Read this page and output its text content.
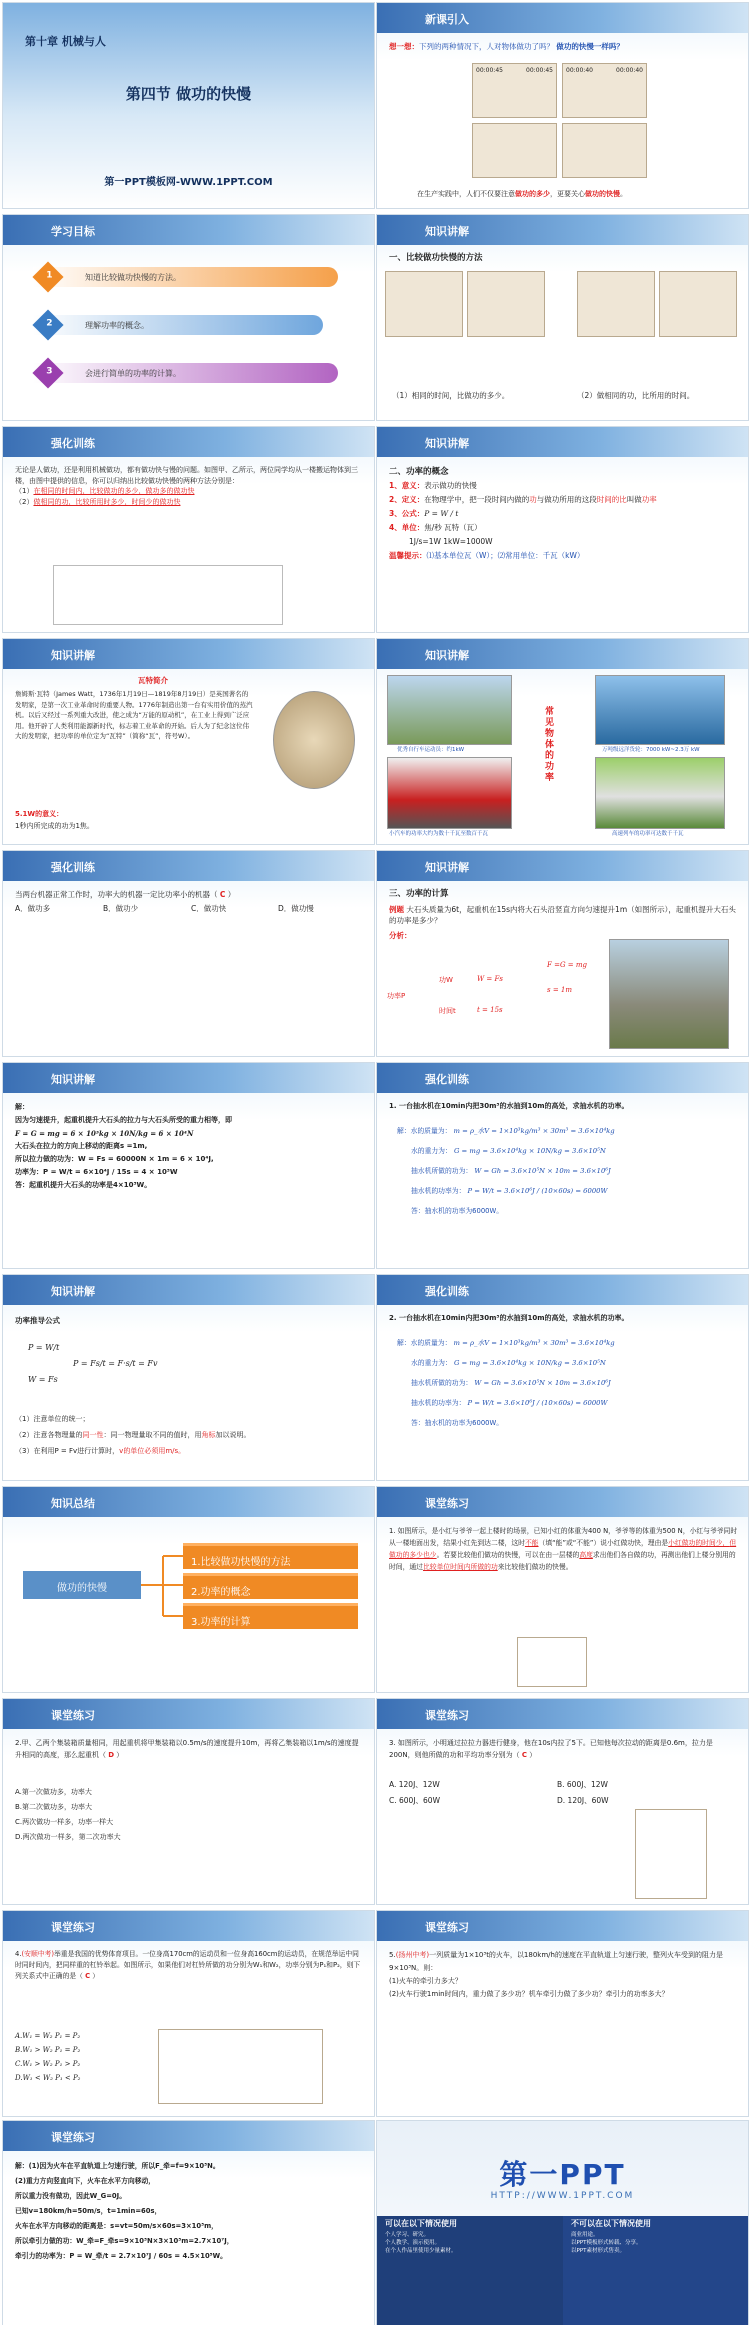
第十章 机械与人
第四节 做功的快慢
第一PPT模板网-WWW.1PPT.COM
新课引入
想一想：下列的两种情况下，人对物体做功了吗？ 做功的快慢一样吗？
00:00:45	00:00:45 00:00:40	00:00:40
在生产实践中，人们不仅要注意做功的多少，更要关心做功的快慢。
学习目标
知道比较做功快慢的方法。
1
理解功率的概念。
2
会进行简单的功率的计算。
3
知识讲解
一、比较做功快慢的方法
（1）相同的时间，比做功的多少。	（2）做相同的功，比所用的时间。
强化训练
无论是人做功，还是利用机械做功，都有做功快与慢的问题。如图甲、乙所示，两位同学均从一楼搬运物体到三楼，由图中提供的信息，你可以归纳出比较做功快慢的两种方法分别是：
（1）在相同的时间内，比较做功的多少，做功多的做功快
（2）做相同的功，比较所用时多少，时间少的做功快
知识讲解
二、功率的概念
1、意义：表示做功的快慢
2、定义：在物理学中，把一段时间内做的功与做功所用的这段时间的比叫做功率
3、公式：P = W / t
4、单位：焦/秒 瓦特（瓦）
1J/s=1W 1kW=1000W
温馨提示：⑴基本单位瓦（W）；⑵常用单位：千瓦（kW）
知识讲解
瓦特简介
詹姆斯·瓦特（James Watt，1736年1月19日—1819年8月19日）是英国著名的发明家，是第一次工业革命时的重要人物。1776年制造出第一台有实用价值的蒸汽机。以后又经过一系列重大改进，使之成为“万能的原动机”，在工业上得到广泛应用。他开辟了人类利用能源新时代，标志着工业革命的开始。后人为了纪念这位伟大的发明家，把功率的单位定为“瓦特”（简称“瓦”，符号W）。
5.1W的意义：
1秒内所完成的功为1焦。
知识讲解
优秀自行车运动员：约1kW	万吨级远洋货轮：7000 kW~2.3万 kW
小汽车的功率大约为数十千瓦至数百千瓦	高速列车的功率可达数千千瓦
常见物体的功率
强化训练
当两台机器正常工作时，功率大的机器一定比功率小的机器（ C ）
A．做功多	B．做功少	C．做功快	D．做功慢
知识讲解
三、功率的计算
例题 大石头质量为6t，起重机在15s内将大石头沿竖直方向匀速提升1m（如图所示），起重机提升大石头的功率是多少？
分析：
功率P
功W	W = Fs
F =G = mg
s = 1m
时间t	t = 15s
知识讲解
解：
因为匀速提升，起重机提升大石头的拉力与大石头所受的重力相等，即
F = G = mg = 6 × 10³kg × 10N/kg = 6 × 10⁴N
大石头在拉力的方向上移动的距离s =1m,
所以拉力做的功为：W = Fs = 60000N × 1m = 6 × 10⁴J,
功率为：P = W/t = 6×10⁴J / 15s = 4 × 10³W
答：起重机提升大石头的功率是4×10³W。
强化训练
1. 一台抽水机在10min内把30m³的水抽到10m的高处，求抽水机的功率。
解：水的质量为： m = ρ_水V = 1×10³kg/m³ × 30m³ = 3.6×10⁴kg
水的重力为： G = mg = 3.6×10⁴kg × 10N/kg = 3.6×10⁵N
抽水机所做的功为： W = Gh = 3.6×10⁵N × 10m = 3.6×10⁶J
抽水机的功率为： P = W/t = 3.6×10⁶J / (10×60s) = 6000W
答：抽水机的功率为6000W。
知识讲解
功率推导公式
P = W/t
W = Fs
P = Fs/t = F·s/t = Fv
（1）注意单位的统一；
（2）注意各物理量的同一性：同一物理量取不同的值时，用角标加以说明。
（3）在利用P = Fv进行计算时，v的单位必须用m/s。
强化训练
2. 一台抽水机在10min内把30m³的水抽到10m的高处，求抽水机的功率。
解：水的质量为： m = ρ_水V = 1×10³kg/m³ × 30m³ = 3.6×10⁴kg
水的重力为： G = mg = 3.6×10⁴kg × 10N/kg = 3.6×10⁵N
抽水机所做的功为： W = Gh = 3.6×10⁵N × 10m = 3.6×10⁶J
抽水机的功率为： P = W/t = 3.6×10⁶J / (10×60s) = 6000W
答：抽水机的功率为6000W。
知识总结
做功的快慢
1.比较做功快慢的方法
2.功率的概念
3.功率的计算
课堂练习
1. 如图所示，是小红与爷爷一起上楼时的场景，已知小红的体重为400 N，爷爷等的体重为500 N，小红与爷爷同时从一楼地面出发，结果小红先到达二楼，这时不能（填“能”或“不能”）说小红做功快，理由是小红做功的时间少，但做功的多少也少。若要比较他们做功的快慢，可以在由一层楼的高度求出他们各自做的功，再测出他们上楼分别用的时间，通过比较单位时间内所做的功来比较他们做功的快慢。
课堂练习
2.甲、乙两个集装箱质量相同，用起重机将甲集装箱以0.5m/s的速度提升10m，再将乙集装箱以1m/s的速度提升相同的高度，那么起重机（ D ）
A.第一次做功多，功率大
B.第二次做功多，功率大
C.两次做功一样多，功率一样大
D.两次做功一样多，第二次功率大
课堂练习
3. 如图所示，小明通过拉拉力器进行健身，他在10s内拉了5下。已知他每次拉动的距离是0.6m，拉力是200N，则他所做的功和平均功率分别为（ C ）
A. 120J、12W	B. 600J、12W
C. 600J、60W	D. 120J、60W
课堂练习
4.(安顺中考)举重是我国的优势体育项目。一位身高170cm的运动员和一位身高160cm的运动员，在规范举运中同时同时间内，把同样重的杠铃举起。如图所示，如果他们对杠铃所做的功分别为W₁和W₂，功率分别为P₁和P₂，则下列关系式中正确的是（ C ）
A.W₁ = W₂ P₁ = P₂
B.W₁ > W₂ P₁ = P₂
C.W₁ > W₂ P₁ > P₂
D.W₁ < W₂ P₁ < P₂
课堂练习
5.(扬州中考)一列质量为1×10³t的火车，以180km/h的速度在平直轨道上匀速行驶，整列火车受到的阻力是9×10³N。则：
(1)火车的牵引力多大？
(2)火车行驶1min时间内，重力做了多少功？机车牵引力做了多少功？牵引力的功率多大？
课堂练习
解：(1)因为火车在平直轨道上匀速行驶，所以F_牵=f=9×10³N。
(2)重力方向竖直向下，火车在水平方向移动，
所以重力没有做功，因此W_G=0J。
已知v=180km/h=50m/s，t=1min=60s，
火车在水平方向移动的距离是：s=vt=50m/s×60s=3×10³m，
所以牵引力做的功：W_牵=F_牵s=9×10³N×3×10³m=2.7×10⁷J，
牵引力的功率为：P = W_牵/t = 2.7×10⁷J / 60s = 4.5×10⁵W。
第一PPT
HTTP://WWW.1PPT.COM
可以在以下情况使用
个人学习、研究。
个人教学、演示使用。
在个人作品里使用少量素材。
不可以在以下情况使用
商业用途。
以PPT模板形式转载、分享。
以PPT素材形式售卖。
